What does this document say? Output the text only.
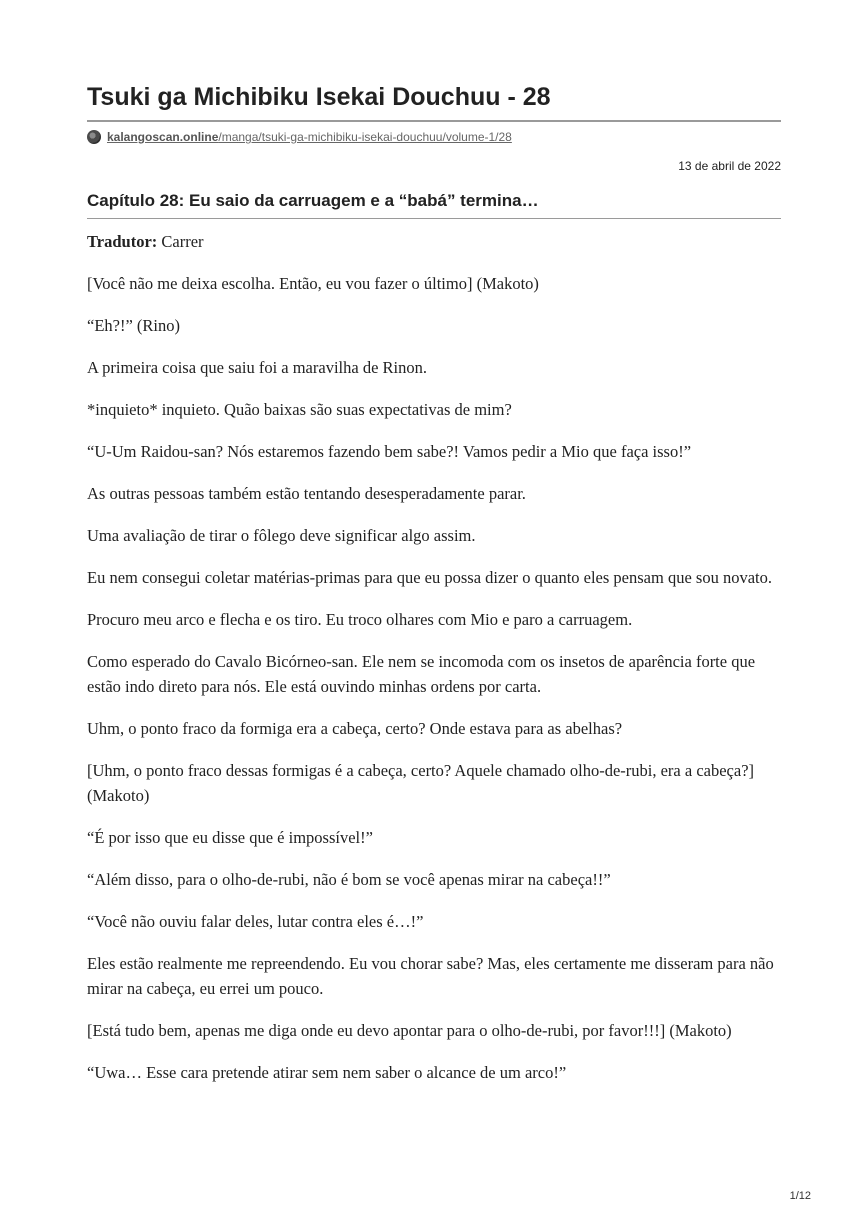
Tsuki ga Michibiku Isekai Douchuu - 28
kalangoscan.online/manga/tsuki-ga-michibiku-isekai-douchuu/volume-1/28
13 de abril de 2022
Capítulo 28: Eu saio da carruagem e a “babá” termina…

Tradutor: Carrer

[Você não me deixa escolha. Então, eu vou fazer o último] (Makoto)

“Eh?!” (Rino)

A primeira coisa que saiu foi a maravilha de Rinon.

*inquieto* inquieto. Quão baixas são suas expectativas de mim?

“U-Um Raidou-san? Nós estaremos fazendo bem sabe?! Vamos pedir a Mio que faça isso!”

As outras pessoas também estão tentando desesperadamente parar.

Uma avaliação de tirar o fôlego deve significar algo assim.

Eu nem consegui coletar matérias-primas para que eu possa dizer o quanto eles pensam que sou novato.

Procuro meu arco e flecha e os tiro. Eu troco olhares com Mio e paro a carruagem.

Como esperado do Cavalo Bicórneo-san. Ele nem se incomoda com os insetos de aparência forte que estão indo direto para nós. Ele está ouvindo minhas ordens por carta.

Uhm, o ponto fraco da formiga era a cabeça, certo? Onde estava para as abelhas?

[Uhm, o ponto fraco dessas formigas é a cabeça, certo? Aquele chamado olho-de-rubi, era a cabeça?] (Makoto)

“É por isso que eu disse que é impossível!”

“Além disso, para o olho-de-rubi, não é bom se você apenas mirar na cabeça!!”

“Você não ouviu falar deles, lutar contra eles é…!”

Eles estão realmente me repreendendo. Eu vou chorar sabe? Mas, eles certamente me disseram para não mirar na cabeça, eu errei um pouco.

[Está tudo bem, apenas me diga onde eu devo apontar para o olho-de-rubi, por favor!!!] (Makoto)

“Uwa… Esse cara pretende atirar sem nem saber o alcance de um arco!”

1/12
